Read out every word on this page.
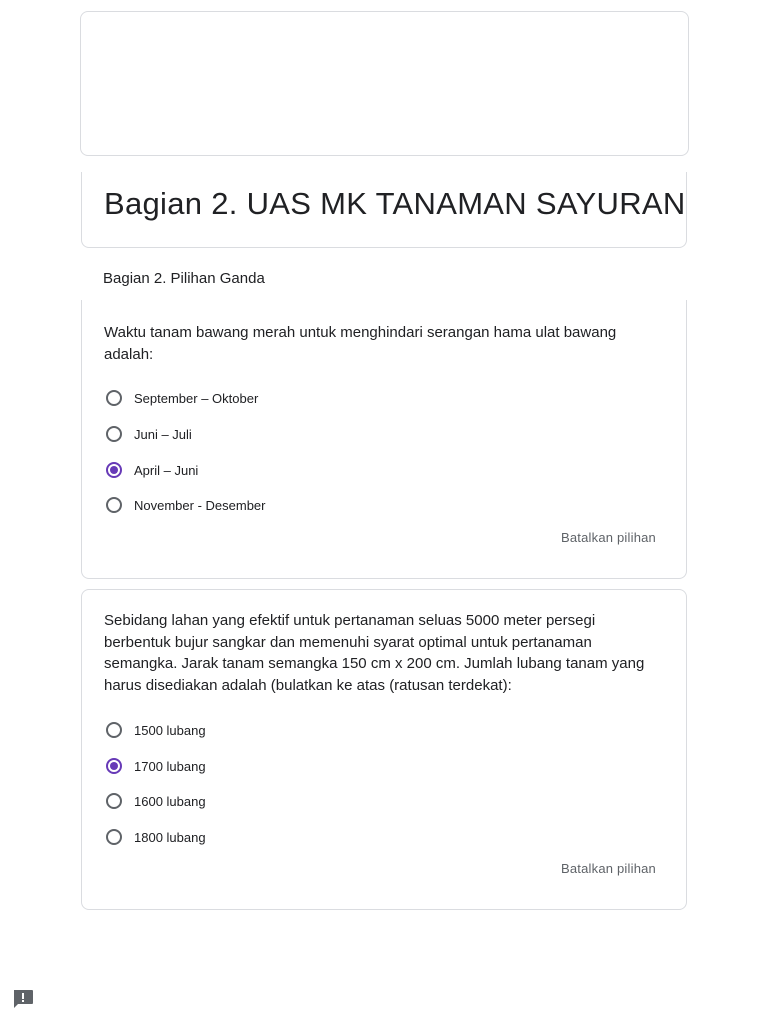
Bagian 2. UAS MK TANAMAN SAYURAN
Bagian 2. Pilihan Ganda
Waktu tanam bawang merah untuk menghindari serangan hama ulat bawang adalah:
September – Oktober
Juni – Juli
April – Juni
November - Desember
Batalkan pilihan
Sebidang lahan yang efektif untuk pertanaman seluas 5000 meter persegi berbentuk bujur sangkar dan memenuhi syarat optimal untuk pertanaman semangka. Jarak tanam semangka 150 cm x 200 cm. Jumlah lubang tanam yang harus disediakan adalah (bulatkan ke atas (ratusan terdekat):
1500 lubang
1700 lubang
1600 lubang
1800 lubang
Batalkan pilihan
